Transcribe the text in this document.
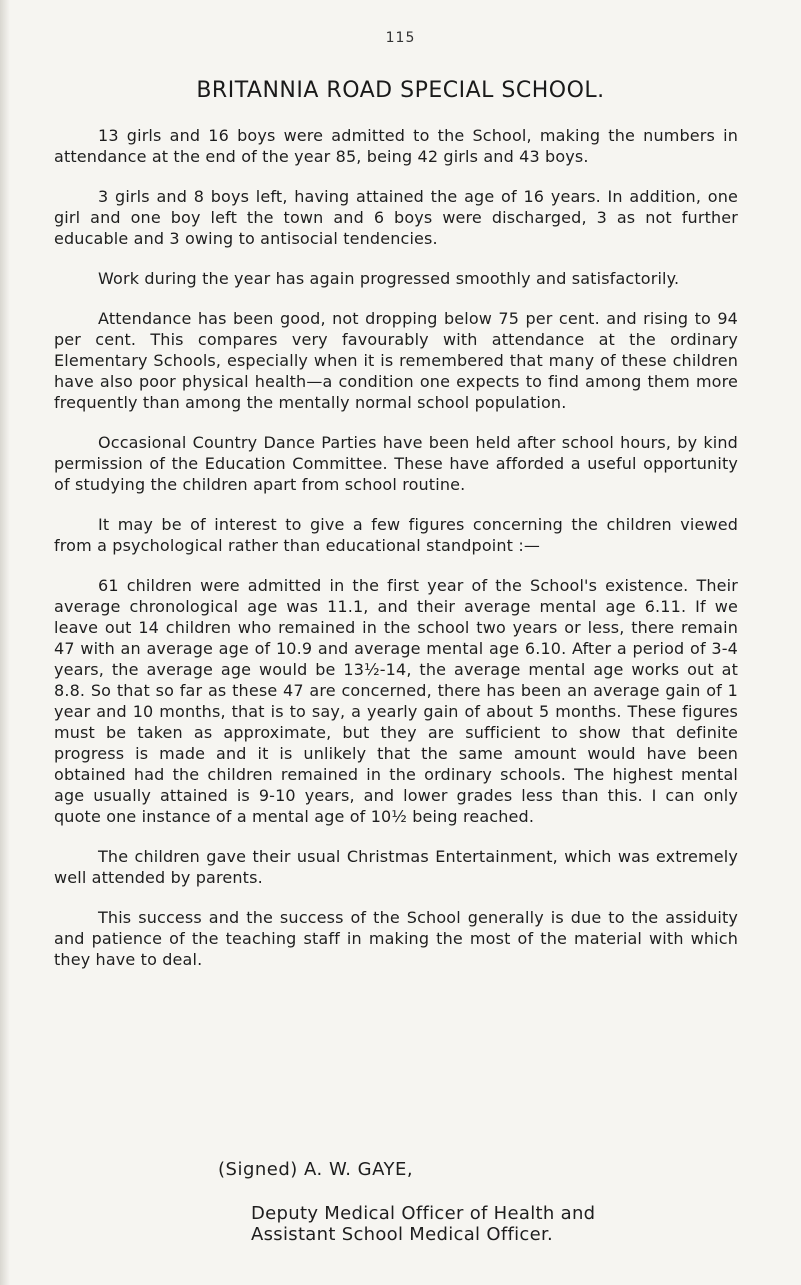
115
BRITANNIA ROAD SPECIAL SCHOOL.

13 girls and 16 boys were admitted to the School, making the numbers in attendance at the end of the year 85, being 42 girls and 43 boys.

3 girls and 8 boys left, having attained the age of 16 years. In addition, one girl and one boy left the town and 6 boys were discharged, 3 as not further educable and 3 owing to antisocial tendencies.

Work during the year has again progressed smoothly and satisfactorily.

Attendance has been good, not dropping below 75 per cent. and rising to 94 per cent. This compares very favourably with attendance at the ordinary Elementary Schools, especially when it is remembered that many of these children have also poor physical health—a condition one expects to find among them more frequently than among the mentally normal school population.

Occasional Country Dance Parties have been held after school hours, by kind permission of the Education Committee. These have afforded a useful opportunity of studying the children apart from school routine.

It may be of interest to give a few figures concerning the children viewed from a psychological rather than educational standpoint :—

61 children were admitted in the first year of the School's existence. Their average chronological age was 11.1, and their average mental age 6.11. If we leave out 14 children who remained in the school two years or less, there remain 47 with an average age of 10.9 and average mental age 6.10. After a period of 3-4 years, the average age would be 13½-14, the average mental age works out at 8.8. So that so far as these 47 are concerned, there has been an average gain of 1 year and 10 months, that is to say, a yearly gain of about 5 months. These figures must be taken as approximate, but they are sufficient to show that definite progress is made and it is unlikely that the same amount would have been obtained had the children remained in the ordinary schools. The highest mental age usually attained is 9-10 years, and lower grades less than this. I can only quote one instance of a mental age of 10½ being reached.

The children gave their usual Christmas Entertainment, which was extremely well attended by parents.

This success and the success of the School generally is due to the assiduity and patience of the teaching staff in making the most of the material with which they have to deal.

(Signed) A. W. GAYE,
Deputy Medical Officer of Health and
Assistant School Medical Officer.
